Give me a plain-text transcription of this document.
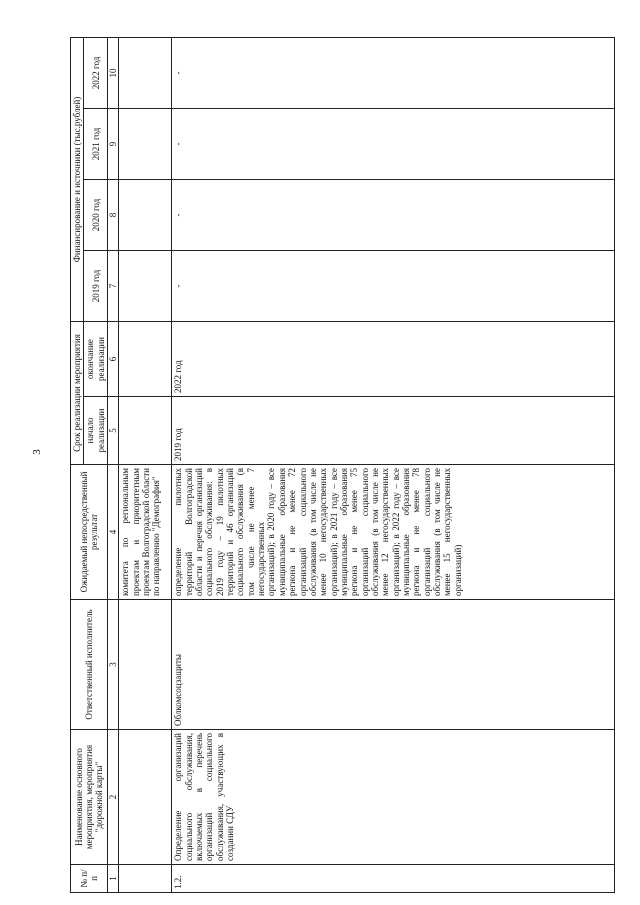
3
№ п/п	Наименование основного мероприятия, мероприятия "дорожной карты"	Ответственный исполнитель	Ожидаемый непосредственный результат	Срок реализации мероприятия		Финансирование и источники (тыс.рублей)			
				начало реализации	окончание реализации	2019 год	2020 год	2021 год	2022 год
1	2	3	4	5	6	7	8	9	10
			комитета по региональным проектам и приоритетным проектам Волгоградской области по направлению "Демография"						
1.2.	Определение организаций социального обслуживания, включаемых в перечень организаций социального обслуживания, участвующих в создании СДУ	Облкомсоцзащиты	определение пилотных территорий Волгоградской области и перечня организаций социального обслуживания: в 2019 году – 19 пилотных территорий и 46 организаций социального обслуживания (в том числе не менее 7 негосударственных организаций); в 2020 году – все муниципальные образования региона и не менее 72 организаций социального обслуживания (в том числе не менее 10 негосударственных организаций); в 2021 году – все муниципальные образования региона и не менее 75 организаций социального обслуживания (в том числе не менее 12 негосударственных организаций); в 2022 году – все муниципальные образования региона и не менее 78 организаций социального обслуживания (в том числе не менее 15 негосударственных организаций)	2019 год	2022 год	-	-	-	-
